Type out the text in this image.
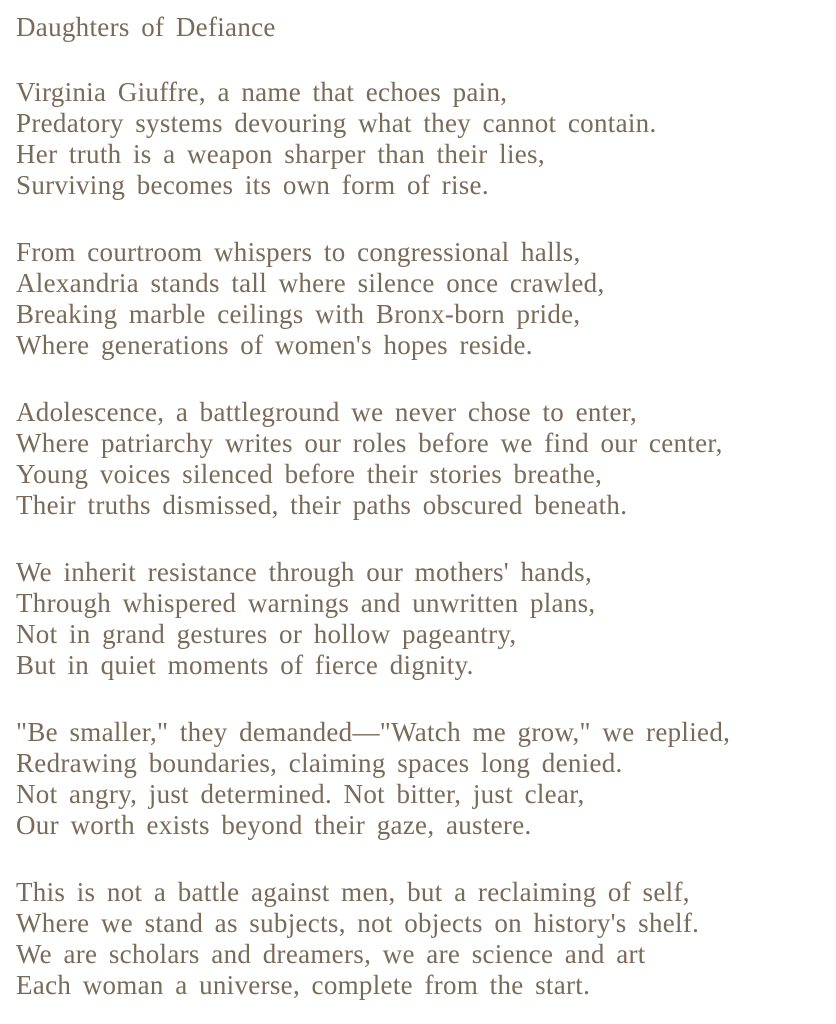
Daughters of Defiance

Virginia Giuffre, a name that echoes pain,

Predatory systems devouring what they cannot contain.

Her truth is a weapon sharper than their lies,

Surviving becomes its own form of rise.

From courtroom whispers to congressional halls,

Alexandria stands tall where silence once crawled,

Breaking marble ceilings with Bronx-born pride,

Where generations of women's hopes reside.

Adolescence, a battleground we never chose to enter,

Where patriarchy writes our roles before we find our center,

Young voices silenced before their stories breathe,

Their truths dismissed, their paths obscured beneath.

We inherit resistance through our mothers' hands,

Through whispered warnings and unwritten plans,

Not in grand gestures or hollow pageantry,

But in quiet moments of fierce dignity.

"Be smaller," they demanded—"Watch me grow," we replied,

Redrawing boundaries, claiming spaces long denied.

Not angry, just determined. Not bitter, just clear,

Our worth exists beyond their gaze, austere.

This is not a battle against men, but a reclaiming of self,

Where we stand as subjects, not objects on history's shelf.

We are scholars and dreamers, we are science and art

Each woman a universe, complete from the start.
